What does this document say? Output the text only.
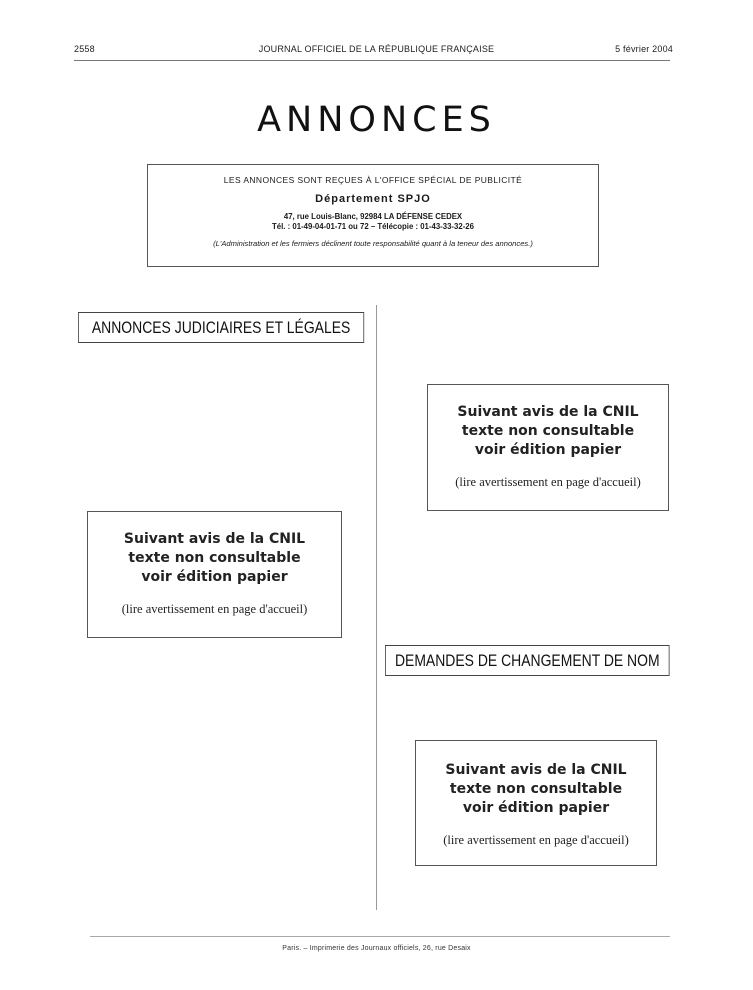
2558	JOURNAL OFFICIEL DE LA RÉPUBLIQUE FRANÇAISE	5 février 2004
ANNONCES
LES ANNONCES SONT REÇUES À L'OFFICE SPÉCIAL DE PUBLICITÉ
Département SPJO
47, rue Louis-Blanc, 92984 LA DÉFENSE CEDEX
Tél. : 01-49-04-01-71 ou 72 – Télécopie : 01-43-33-32-26
(L'Administration et les fermiers déclinent toute responsabilité quant à la teneur des annonces.)
ANNONCES JUDICIAIRES ET LÉGALES
Suivant avis de la CNIL
texte non consultable
voir édition papier
(lire avertissement en page d'accueil)
Suivant avis de la CNIL
texte non consultable
voir édition papier
(lire avertissement en page d'accueil)
DEMANDES DE CHANGEMENT DE NOM
Suivant avis de la CNIL
texte non consultable
voir édition papier
(lire avertissement en page d'accueil)
Paris. – Imprimerie des Journaux officiels, 26, rue Desaix
